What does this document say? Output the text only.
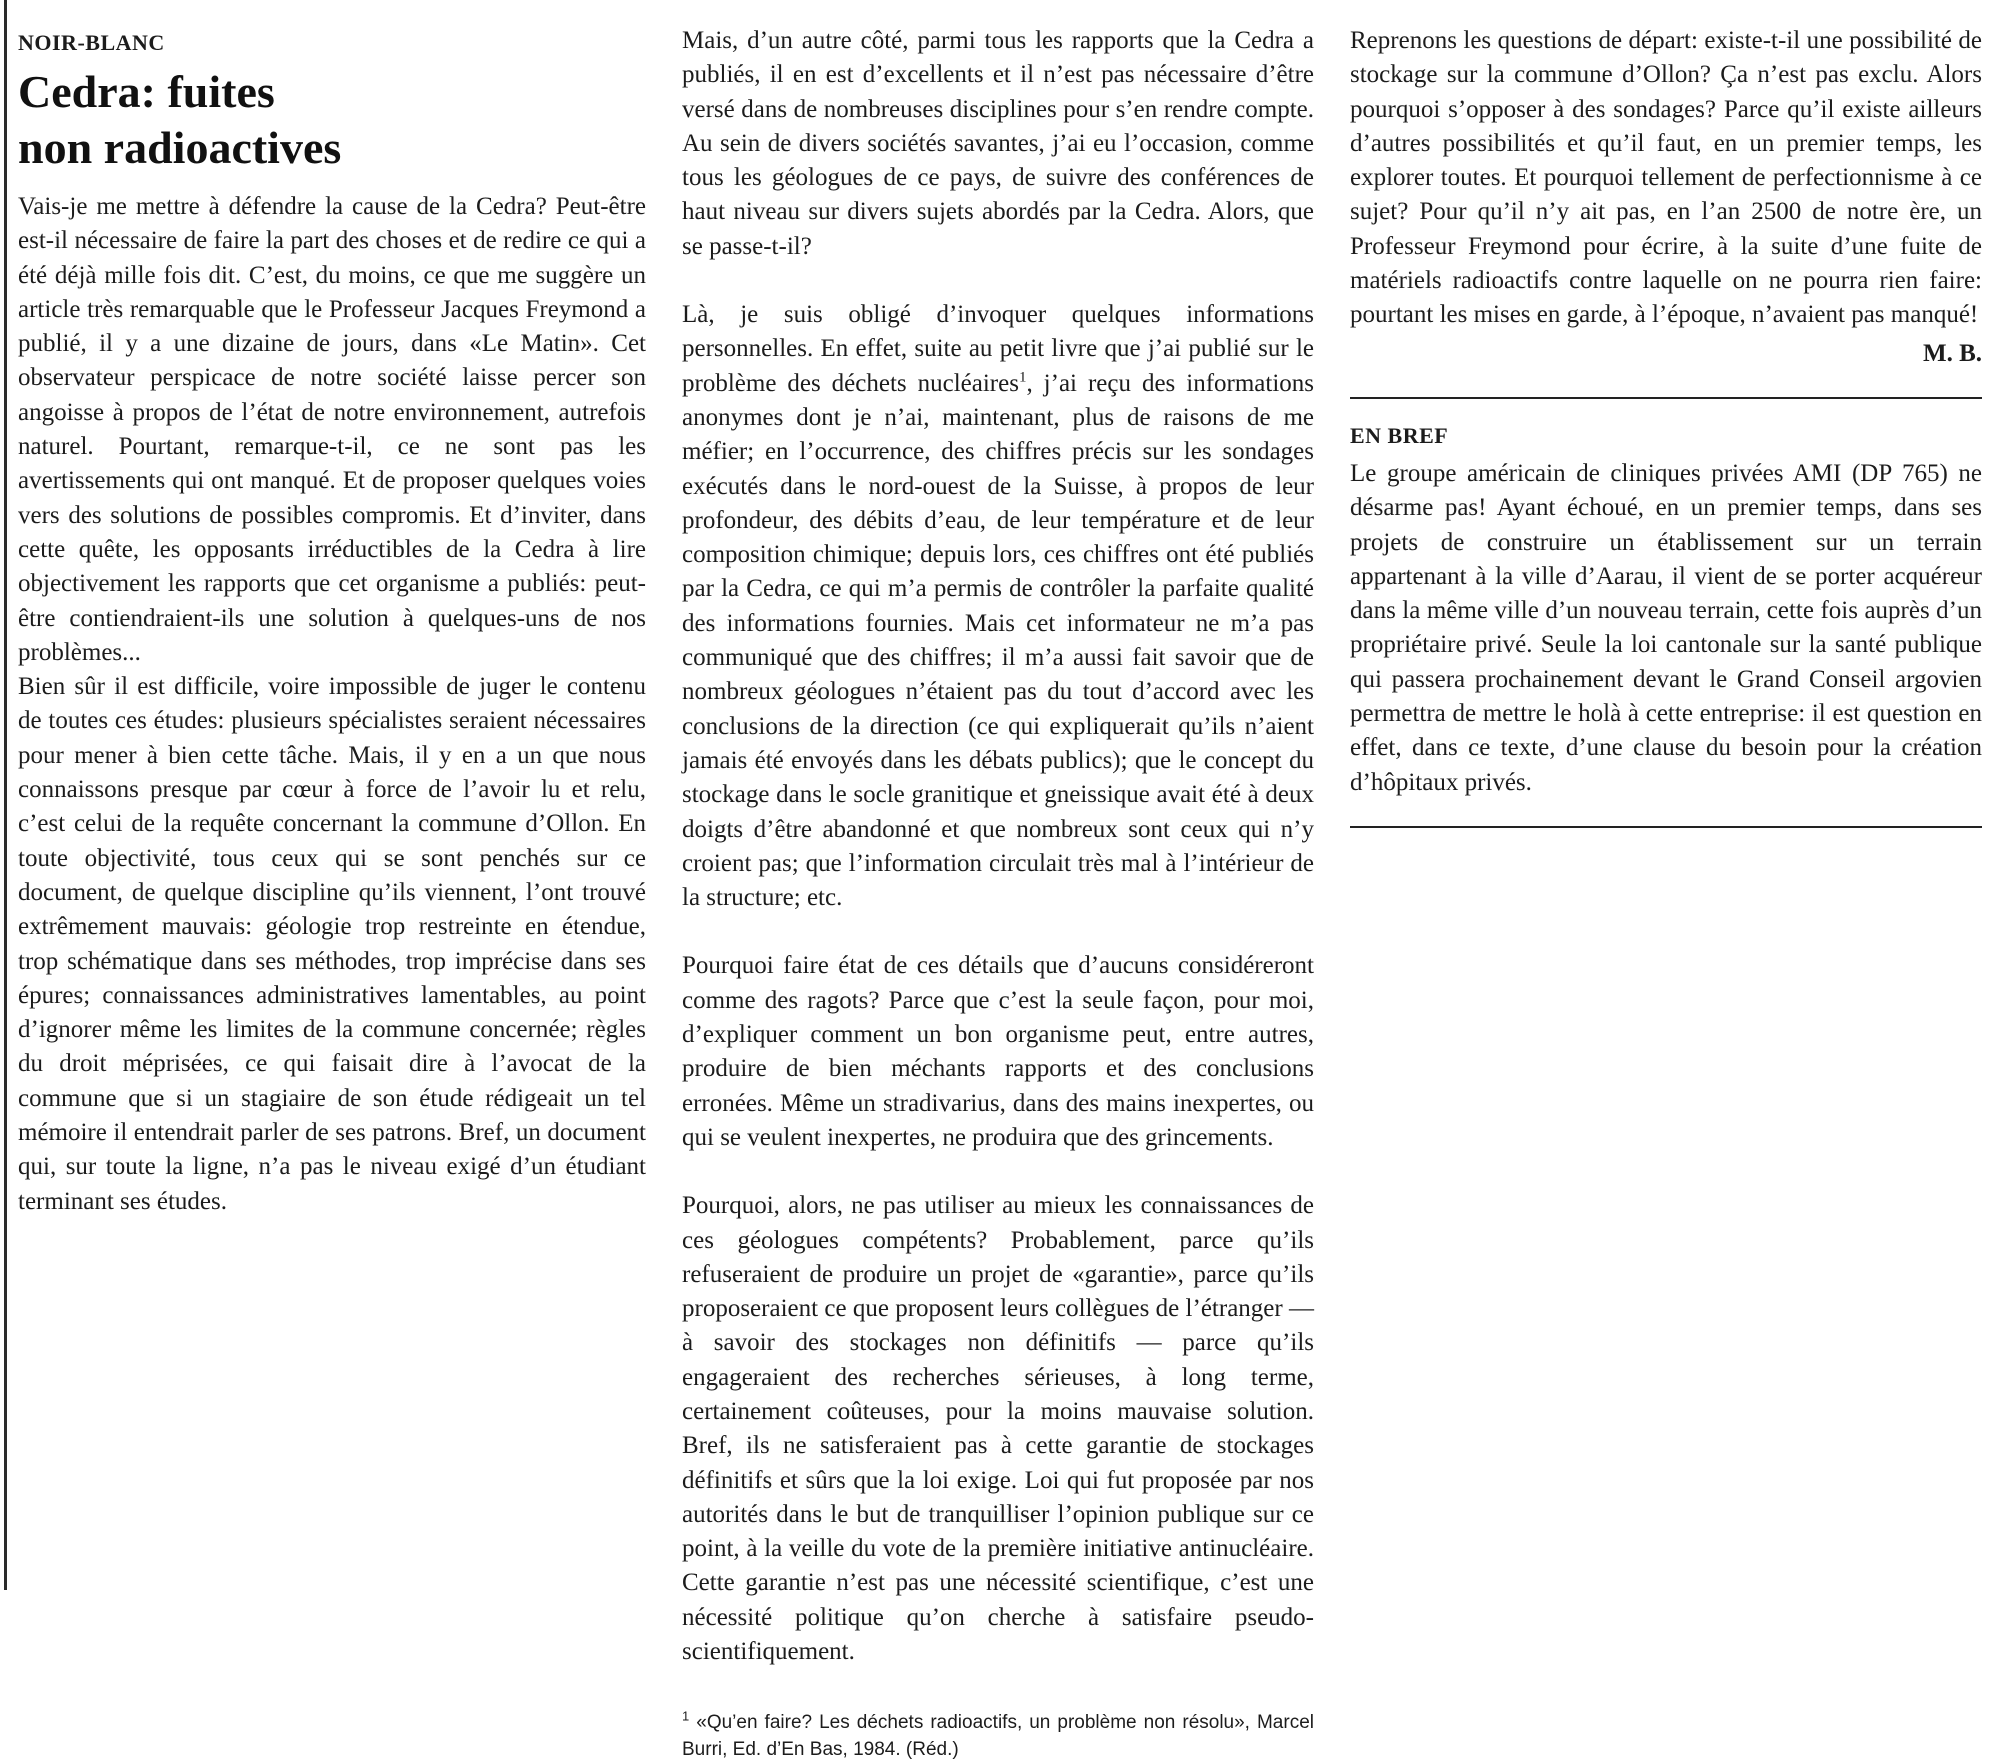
NOIR-BLANC
Cedra: fuites
non radioactives

Vais-je me mettre à défendre la cause de la Cedra? Peut-être est-il nécessaire de faire la part des choses et de redire ce qui a été déjà mille fois dit. C’est, du moins, ce que me suggère un article très remarquable que le Professeur Jacques Freymond a publié, il y a une dizaine de jours, dans «Le Matin». Cet observateur perspicace de notre société laisse percer son angoisse à propos de l’état de notre environnement, autrefois naturel. Pourtant, remarque-t-il, ce ne sont pas les avertissements qui ont manqué. Et de proposer quelques voies vers des solutions de possibles compromis. Et d’inviter, dans cette quête, les opposants irréductibles de la Cedra à lire objectivement les rapports que cet organisme a publiés: peut-être contiendraient-ils une solution à quelques-uns de nos problèmes...

Bien sûr il est difficile, voire impossible de juger le contenu de toutes ces études: plusieurs spécialistes seraient nécessaires pour mener à bien cette tâche. Mais, il y en a un que nous connaissons presque par cœur à force de l’avoir lu et relu, c’est celui de la requête concernant la commune d’Ollon. En toute objectivité, tous ceux qui se sont penchés sur ce document, de quelque discipline qu’ils viennent, l’ont trouvé extrêmement mauvais: géologie trop restreinte en étendue, trop schématique dans ses méthodes, trop imprécise dans ses épures; connaissances administratives lamentables, au point d’ignorer même les limites de la commune concernée; règles du droit méprisées, ce qui faisait dire à l’avocat de la commune que si un stagiaire de son étude rédigeait un tel mémoire il entendrait parler de ses patrons. Bref, un document qui, sur toute la ligne, n’a pas le niveau exigé d’un étudiant terminant ses études.

Mais, d’un autre côté, parmi tous les rapports que la Cedra a publiés, il en est d’excellents et il n’est pas nécessaire d’être versé dans de nombreuses disciplines pour s’en rendre compte. Au sein de divers sociétés savantes, j’ai eu l’occasion, comme tous les géologues de ce pays, de suivre des conférences de haut niveau sur divers sujets abordés par la Cedra. Alors, que se passe-t-il?

Là, je suis obligé d’invoquer quelques informations personnelles. En effet, suite au petit livre que j’ai publié sur le problème des déchets nucléaires$^1$, j’ai reçu des informations anonymes dont je n’ai, maintenant, plus de raisons de me méfier; en l’occurrence, des chiffres précis sur les sondages exécutés dans le nord-ouest de la Suisse, à propos de leur profondeur, des débits d’eau, de leur température et de leur composition chimique; depuis lors, ces chiffres ont été publiés par la Cedra, ce qui m’a permis de contrôler la parfaite qualité des informations fournies. Mais cet informateur ne m’a pas communiqué que des chiffres; il m’a aussi fait savoir que de nombreux géologues n’étaient pas du tout d’accord avec les conclusions de la direction (ce qui expliquerait qu’ils n’aient jamais été envoyés dans les débats publics); que le concept du stockage dans le socle granitique et gneissique avait été à deux doigts d’être abandonné et que nombreux sont ceux qui n’y croient pas; que l’information circulait très mal à l’intérieur de la structure; etc.

Pourquoi faire état de ces détails que d’aucuns considéreront comme des ragots? Parce que c’est la seule façon, pour moi, d’expliquer comment un bon organisme peut, entre autres, produire de bien méchants rapports et des conclusions erronées. Même un stradivarius, dans des mains inexpertes, ou qui se veulent inexpertes, ne produira que des grincements.

Pourquoi, alors, ne pas utiliser au mieux les connaissances de ces géologues compétents? Probablement, parce qu’ils refuseraient de produire un projet de «garantie», parce qu’ils proposeraient ce que proposent leurs collègues de l’étranger — à savoir des stockages non définitifs — parce qu’ils engageraient des recherches sérieuses, à long terme, certainement coûteuses, pour la moins mauvaise solution. Bref, ils ne satisferaient pas à cette garantie de stockages définitifs et sûrs que la loi exige. Loi qui fut proposée par nos autorités dans le but de tranquilliser l’opinion publique sur ce point, à la veille du vote de la première initiative antinucléaire. Cette garantie n’est pas une nécessité scientifique, c’est une nécessité politique qu’on cherche à satisfaire pseudo-scientifiquement.

$^1$ «Qu’en faire? Les déchets radioactifs, un problème non résolu», Marcel Burri, Ed. d’En Bas, 1984. (Réd.)

Reprenons les questions de départ: existe-t-il une possibilité de stockage sur la commune d’Ollon? Ça n’est pas exclu. Alors pourquoi s’opposer à des sondages? Parce qu’il existe ailleurs d’autres possibilités et qu’il faut, en un premier temps, les explorer toutes. Et pourquoi tellement de perfectionnisme à ce sujet? Pour qu’il n’y ait pas, en l’an 2500 de notre ère, un Professeur Freymond pour écrire, à la suite d’une fuite de matériels radioactifs contre laquelle on ne pourra rien faire: pourtant les mises en garde, à l’époque, n’avaient pas manqué!

M. B.
EN BREF

Le groupe américain de cliniques privées AMI (DP 765) ne désarme pas! Ayant échoué, en un premier temps, dans ses projets de construire un établissement sur un terrain appartenant à la ville d’Aarau, il vient de se porter acquéreur dans la même ville d’un nouveau terrain, cette fois auprès d’un propriétaire privé. Seule la loi cantonale sur la santé publique qui passera prochainement devant le Grand Conseil argovien permettra de mettre le holà à cette entreprise: il est question en effet, dans ce texte, d’une clause du besoin pour la création d’hôpitaux privés.
